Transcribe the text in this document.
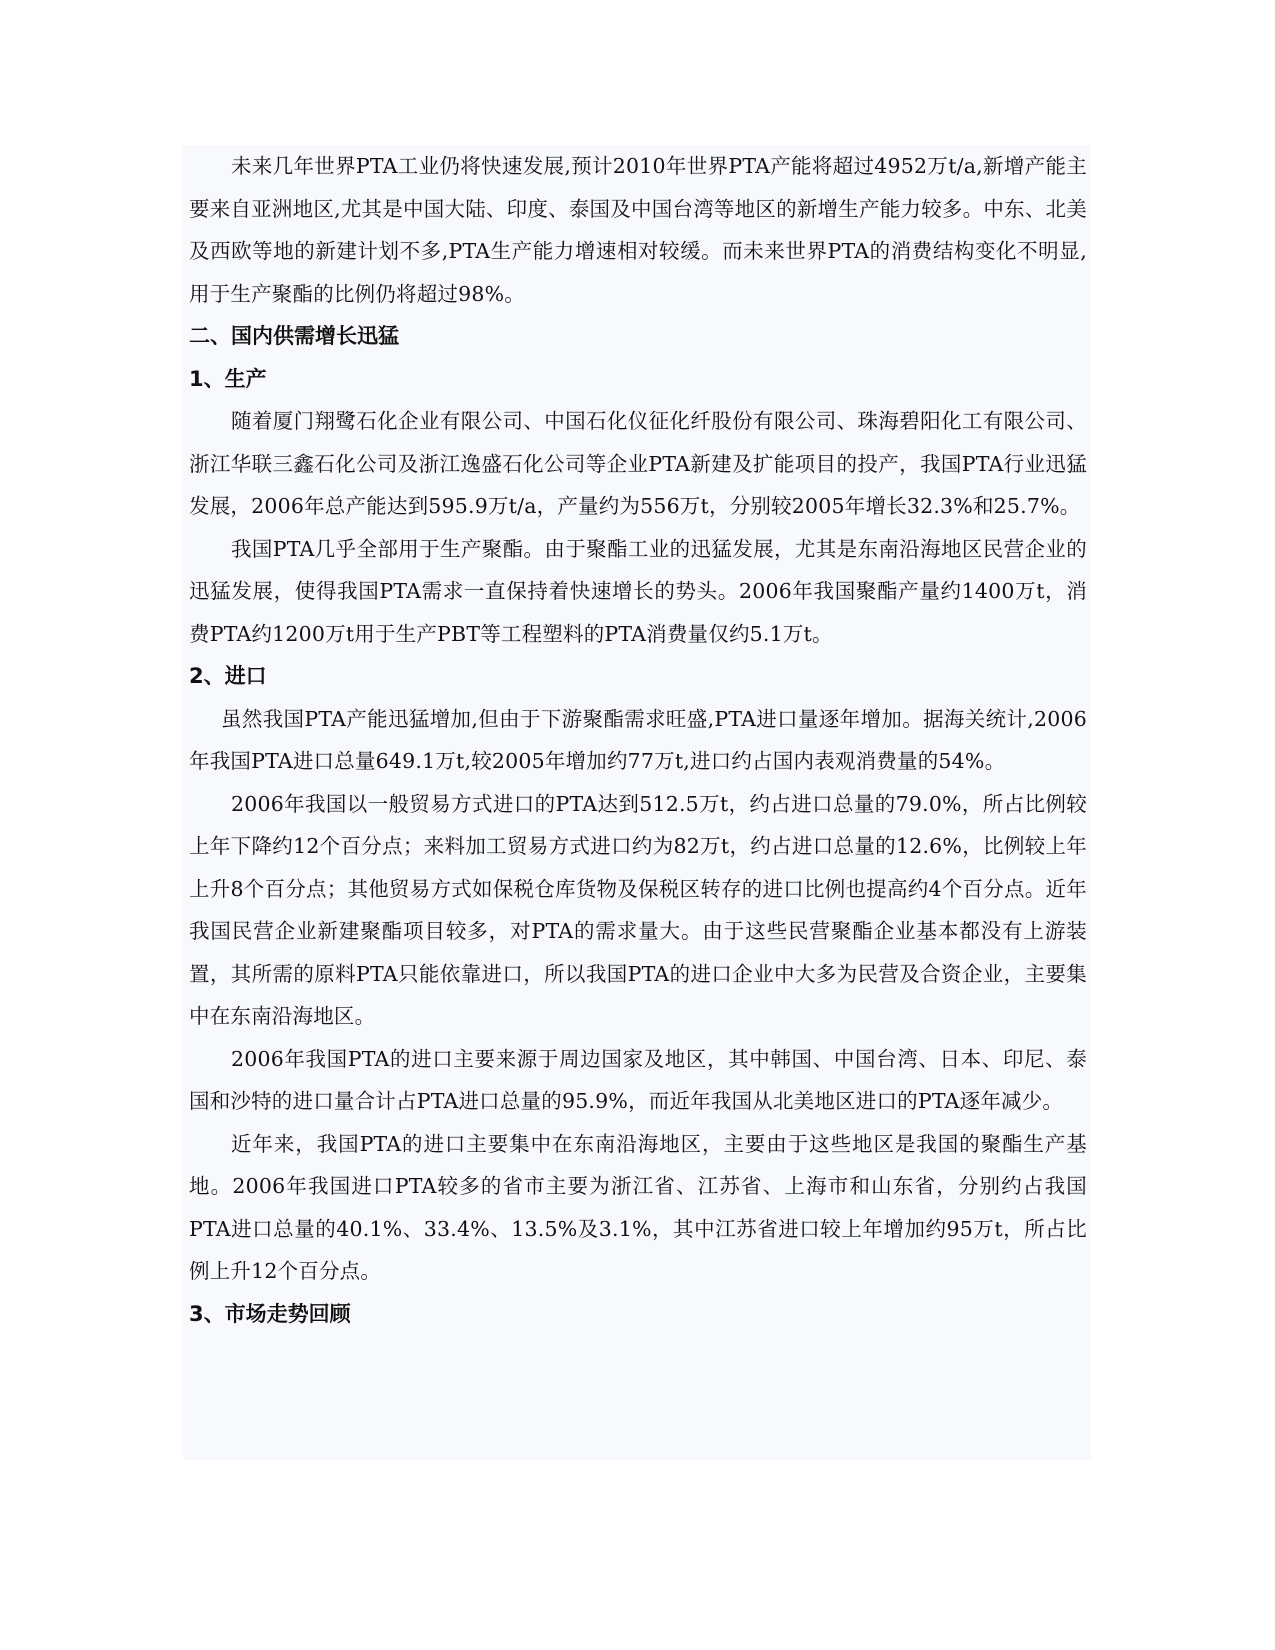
未来几年世界PTA工业仍将快速发展,预计2010年世界PTA产能将超过4952万t/a,新增产能主要来自亚洲地区,尤其是中国大陆、印度、泰国及中国台湾等地区的新增生产能力较多。中东、北美及西欧等地的新建计划不多,PTA生产能力增速相对较缓。而未来世界PTA的消费结构变化不明显,用于生产聚酯的比例仍将超过98%。

二、国内供需增长迅猛
1、生产

随着厦门翔鹭石化企业有限公司、中国石化仪征化纤股份有限公司、珠海碧阳化工有限公司、浙江华联三鑫石化公司及浙江逸盛石化公司等企业PTA新建及扩能项目的投产，我国PTA行业迅猛发展，2006年总产能达到595.9万t/a，产量约为556万t，分别较2005年增长32.3%和25.7%。

我国PTA几乎全部用于生产聚酯。由于聚酯工业的迅猛发展，尤其是东南沿海地区民营企业的迅猛发展，使得我国PTA需求一直保持着快速增长的势头。2006年我国聚酯产量约1400万t，消费PTA约1200万t用于生产PBT等工程塑料的PTA消费量仅约5.1万t。

2、进口

虽然我国PTA产能迅猛增加,但由于下游聚酯需求旺盛,PTA进口量逐年增加。据海关统计,2006年我国PTA进口总量649.1万t,较2005年增加约77万t,进口约占国内表观消费量的54%。

2006年我国以一般贸易方式进口的PTA达到512.5万t，约占进口总量的79.0%，所占比例较上年下降约12个百分点；来料加工贸易方式进口约为82万t，约占进口总量的12.6%，比例较上年上升8个百分点；其他贸易方式如保税仓库货物及保税区转存的进口比例也提高约4个百分点。近年我国民营企业新建聚酯项目较多，对PTA的需求量大。由于这些民营聚酯企业基本都没有上游装置，其所需的原料PTA只能依靠进口，所以我国PTA的进口企业中大多为民营及合资企业，主要集中在东南沿海地区。

2006年我国PTA的进口主要来源于周边国家及地区，其中韩国、中国台湾、日本、印尼、泰国和沙特的进口量合计占PTA进口总量的95.9%，而近年我国从北美地区进口的PTA逐年减少。

近年来，我国PTA的进口主要集中在东南沿海地区，主要由于这些地区是我国的聚酯生产基地。2006年我国进口PTA较多的省市主要为浙江省、江苏省、上海市和山东省，分别约占我国PTA进口总量的40.1%、33.4%、13.5%及3.1%，其中江苏省进口较上年增加约95万t，所占比例上升12个百分点。

3、市场走势回顾
